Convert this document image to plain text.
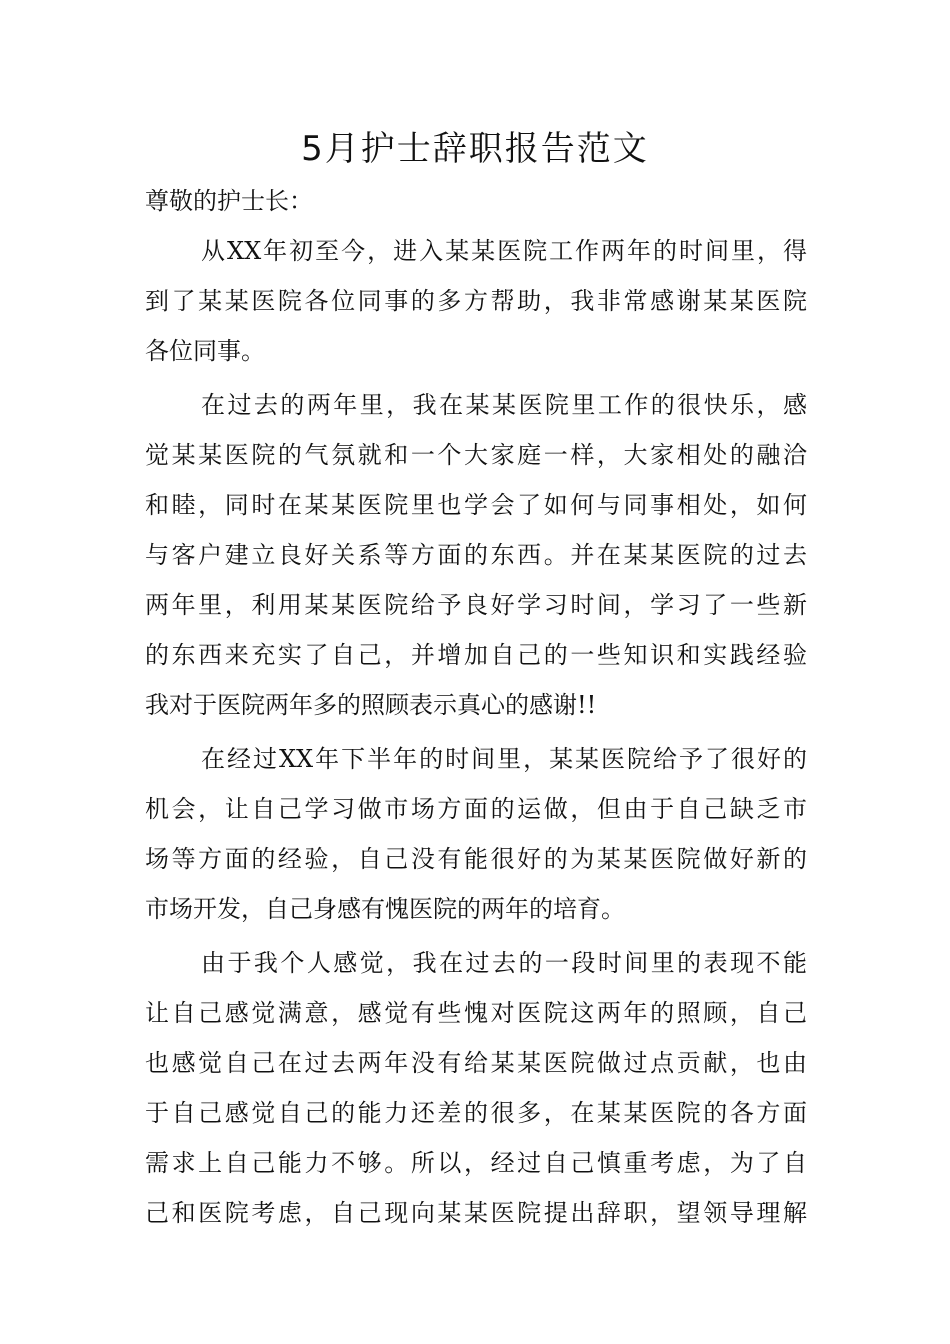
5月护士辞职报告范文

尊敬的护士长：

从XX年初至今，进入某某医院工作两年的时间里，得
到了某某医院各位同事的多方帮助，我非常感谢某某医院
各位同事。
在过去的两年里，我在某某医院里工作的很快乐，感
觉某某医院的气氛就和一个大家庭一样，大家相处的融洽
和睦，同时在某某医院里也学会了如何与同事相处，如何
与客户建立良好关系等方面的东西。并在某某医院的过去
两年里，利用某某医院给予良好学习时间，学习了一些新
的东西来充实了自己，并增加自己的一些知识和实践经验
我对于医院两年多的照顾表示真心的感谢!!
在经过XX年下半年的时间里，某某医院给予了很好的
机会，让自己学习做市场方面的运做，但由于自己缺乏市
场等方面的经验，自己没有能很好的为某某医院做好新的
市场开发，自己身感有愧医院的两年的培育。
由于我个人感觉，我在过去的一段时间里的表现不能
让自己感觉满意，感觉有些愧对医院这两年的照顾，自己
也感觉自己在过去两年没有给某某医院做过点贡献，也由
于自己感觉自己的能力还差的很多，在某某医院的各方面
需求上自己能力不够。所以，经过自己慎重考虑，为了自
己和医院考虑，自己现向某某医院提出辞职，望领导理解
